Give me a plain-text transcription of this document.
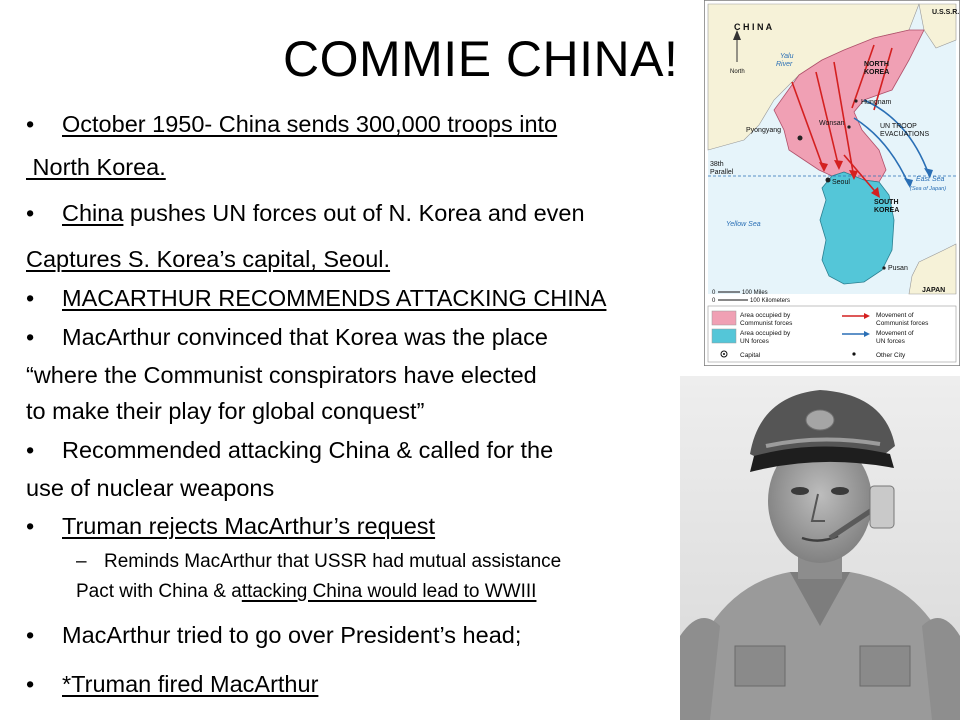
COMMIE CHINA!
• October 1950- China sends 300,000 troops into
North Korea.
• China pushes UN forces out of N. Korea and even
Captures S. Korea’s capital, Seoul.
• MACARTHUR RECOMMENDS ATTACKING CHINA
• MacArthur convinced that Korea was the place
“where the Communist conspirators have elected
to make their play for global conquest”
• Recommended attacking China & called for the
use of nuclear weapons
• Truman rejects MacArthur’s request
– Reminds MacArthur that USSR had mutual assistance
Pact with China & attacking China would lead to WWIII
• MacArthur tried to go over President’s head;
• *Truman fired MacArthur
U.S.S.R.
C H I N A
North
Yalu
River	NORTH
KOREA
Hungnam
Wonsan
Pyongyang
UN TROOP
EVACUATIONS
38th
Parallel
Seoul	East Sea
(Sea of Japan)
SOUTH
KOREA
Yellow Sea
Pusan
JAPAN
0
0
100 Miles
100 Kilometers
Area occupied by
Communist forces
Area occupied by
UN forces
Capital
Movement of
Communist forces
Movement of
UN forces
Other City
